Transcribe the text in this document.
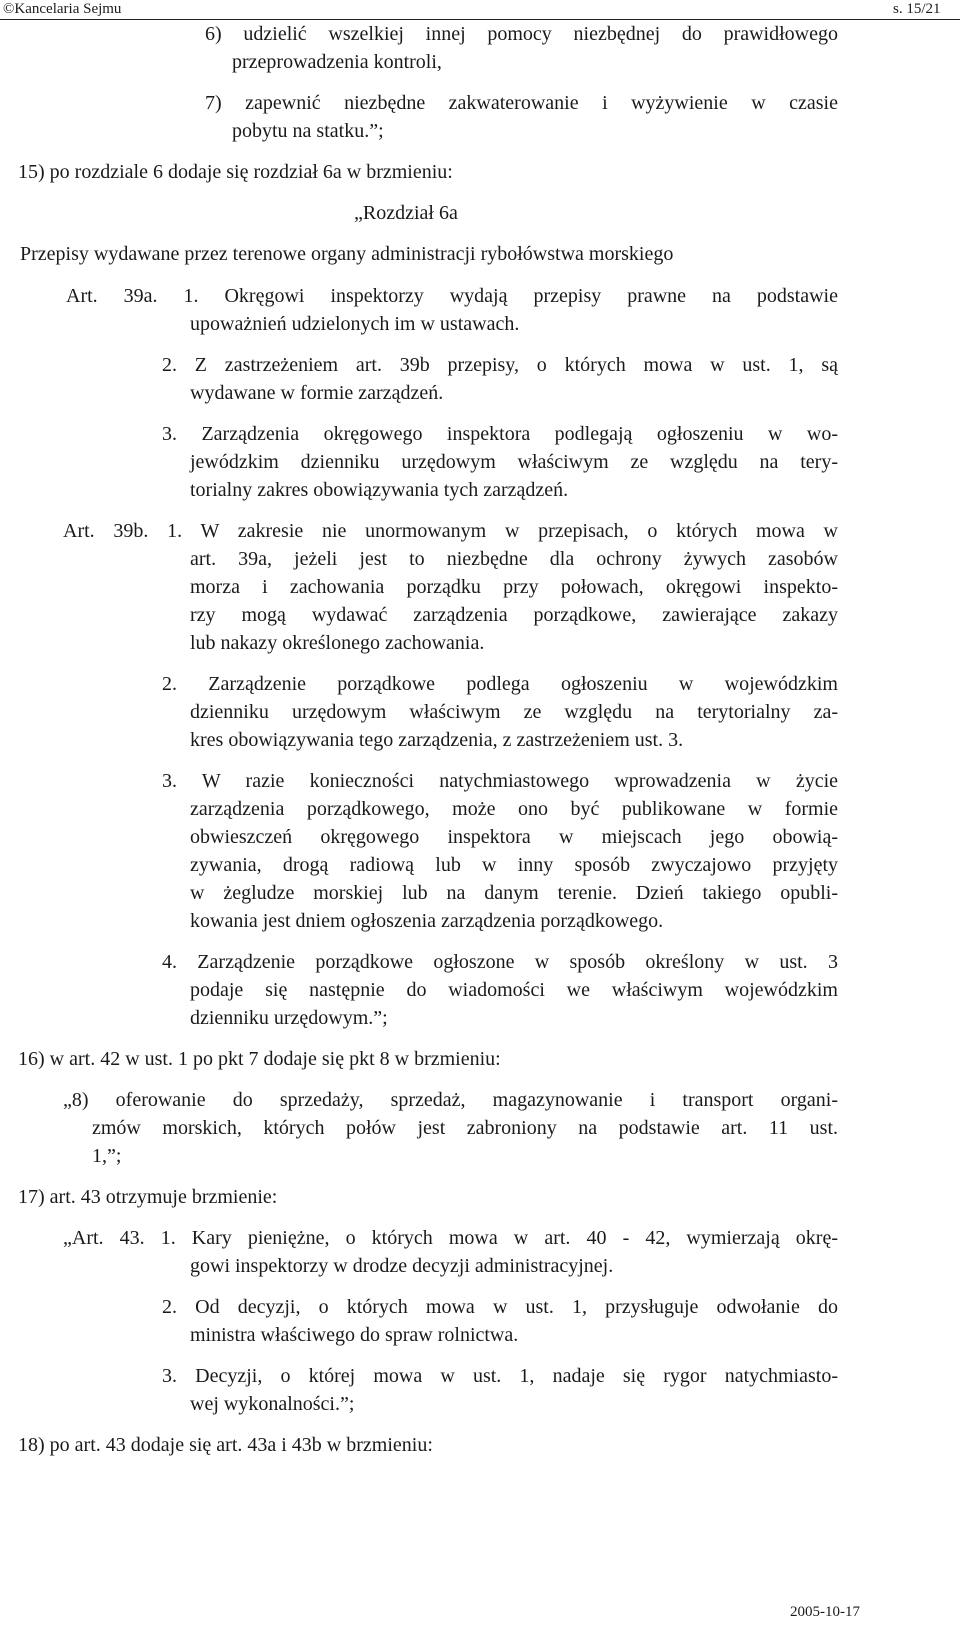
©Kancelaria Sejmu	s. 15/21
6) udzielić wszelkiej innej pomocy niezbędnej do prawidłowego
przeprowadzenia kontroli,
7) zapewnić niezbędne zakwaterowanie i wyżywienie w czasie
pobytu na statku.”;
15) po rozdziale 6 dodaje się rozdział 6a w brzmieniu:
„Rozdział 6a
Przepisy wydawane przez terenowe organy administracji rybołówstwa morskiego
Art. 39a. 1. Okręgowi inspektorzy wydają przepisy prawne na podstawie
upoważnień udzielonych im w ustawach.
2. Z zastrzeżeniem art. 39b przepisy, o których mowa w ust. 1, są
wydawane w formie zarządzeń.
3. Zarządzenia okręgowego inspektora podlegają ogłoszeniu w wo-
jewódzkim dzienniku urzędowym właściwym ze względu na tery-
torialny zakres obowiązywania tych zarządzeń.
Art. 39b. 1. W zakresie nie unormowanym w przepisach, o których mowa w
art. 39a, jeżeli jest to niezbędne dla ochrony żywych zasobów
morza i zachowania porządku przy połowach, okręgowi inspekto-
rzy mogą wydawać zarządzenia porządkowe, zawierające zakazy
lub nakazy określonego zachowania.
2. Zarządzenie porządkowe podlega ogłoszeniu w wojewódzkim
dzienniku urzędowym właściwym ze względu na terytorialny za-
kres obowiązywania tego zarządzenia, z zastrzeżeniem ust. 3.
3. W razie konieczności natychmiastowego wprowadzenia w życie
zarządzenia porządkowego, może ono być publikowane w formie
obwieszczeń okręgowego inspektora w miejscach jego obowią-
zywania, drogą radiową lub w inny sposób zwyczajowo przyjęty
w żegludze morskiej lub na danym terenie. Dzień takiego opubli-
kowania jest dniem ogłoszenia zarządzenia porządkowego.
4. Zarządzenie porządkowe ogłoszone w sposób określony w ust. 3
podaje się następnie do wiadomości we właściwym wojewódzkim
dzienniku urzędowym.”;
16) w art. 42 w ust. 1 po pkt 7 dodaje się pkt 8 w brzmieniu:
„8) oferowanie do sprzedaży, sprzedaż, magazynowanie i transport organi-
zmów morskich, których połów jest zabroniony na podstawie art. 11 ust.
1,”;
17) art. 43 otrzymuje brzmienie:
„Art. 43. 1. Kary pieniężne, o których mowa w art. 40 - 42, wymierzają okrę-
gowi inspektorzy w drodze decyzji administracyjnej.
2. Od decyzji, o których mowa w ust. 1, przysługuje odwołanie do
ministra właściwego do spraw rolnictwa.
3. Decyzji, o której mowa w ust. 1, nadaje się rygor natychmiasto-
wej wykonalności.”;
18) po art. 43 dodaje się art. 43a i 43b w brzmieniu:
2005-10-17
